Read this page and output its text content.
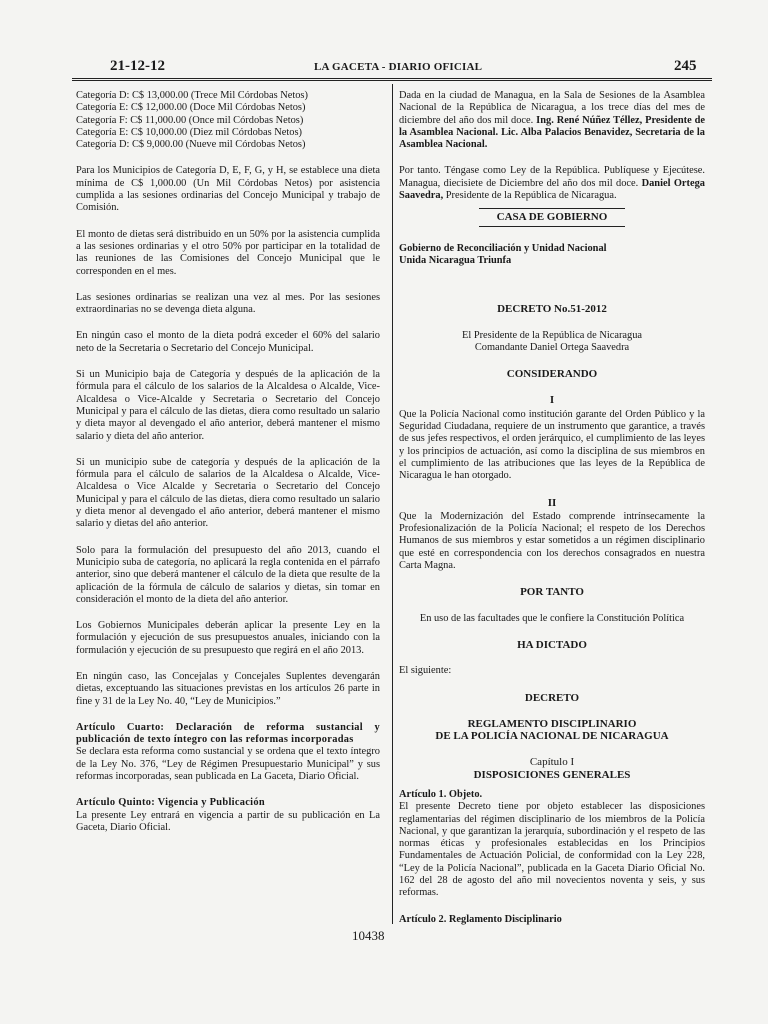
21-12-12	LA GACETA - DIARIO OFICIAL	245
Categoría D: C$ 13,000.00 (Trece Mil Córdobas Netos)
Categoría E: C$ 12,000.00 (Doce Mil Córdobas Netos)
Categoría F: C$ 11,000.00 (Once mil Córdobas Netos)
Categoría E: C$ 10,000.00 (Diez mil Córdobas Netos)
Categoría D: C$ 9,000.00 (Nueve mil Córdobas Netos)

Para los Municipios de Categoría D, E, F, G, y H, se establece una dieta mínima de C$ 1,000.00 (Un Mil Córdobas Netos) por asistencia cumplida a las sesiones ordinarias del Concejo Municipal y trabajo de Comisión.

El monto de dietas será distribuido en un 50% por la asistencia cumplida a las sesiones ordinarias y el otro 50% por participar en la totalidad de las reuniones de las Comisiones del Concejo Municipal que le corresponden en el mes.

Las sesiones ordinarias se realizan una vez al mes. Por las sesiones extraordinarias no se devenga dieta alguna.

En ningún caso el monto de la dieta podrá exceder el 60% del salario neto de la Secretaria o Secretario del Concejo Municipal.

Si un Municipio baja de Categoría y después de la aplicación de la fórmula para el cálculo de los salarios de la Alcaldesa o Alcalde, Vice-Alcaldesa o Vice-Alcalde y Secretaria o Secretario del Concejo Municipal y para el cálculo de las dietas, diera como resultado un salario y dieta mayor al devengado el año anterior, deberá mantener el mismo salario y dieta del año anterior.

Si un municipio sube de categoría y después de la aplicación de la fórmula para el cálculo de salarios de la Alcaldesa o Alcalde, Vice-Alcaldesa o Vice Alcalde y Secretaria o Secretario del Concejo Municipal y para el cálculo de las dietas, diera como resultado un salario y dieta menor al devengado el año anterior, deberá mantener el mismo salario y dietas del año anterior.

Solo para la formulación del presupuesto del año 2013, cuando el Municipio suba de categoría, no aplicará la regla contenida en el párrafo anterior, sino que deberá mantener el cálculo de la dieta que resulte de la aplicación de la fórmula de cálculo de salarios y dietas, sin tomar en consideración el monto de la dieta del año anterior.

Los Gobiernos Municipales deberán aplicar la presente Ley en la formulación y ejecución de sus presupuestos anuales, iniciando con la formulación y ejecución de su presupuesto que regirá en el año 2013.

En ningún caso, las Concejalas y Concejales Suplentes devengarán dietas, exceptuando las situaciones previstas en los artículos 26 parte in fine y 31 de la Ley No. 40, “Ley de Municipios.”

Artículo Cuarto: Declaración de reforma sustancial y publicación de texto íntegro con las reformas incorporadas

Se declara esta reforma como sustancial y se ordena que el texto íntegro de la Ley No. 376, “Ley de Régimen Presupuestario Municipal” y sus reformas incorporadas, sean publicada en La Gaceta, Diario Oficial.

Artículo Quinto: Vigencia y Publicación

La presente Ley entrará en vigencia a partir de su publicación en La Gaceta, Diario Oficial.

Dada en la ciudad de Managua, en la Sala de Sesiones de la Asamblea Nacional de la República de Nicaragua, a los trece días del mes de diciembre del año dos mil doce. Ing. René Núñez Téllez, Presidente de la Asamblea Nacional. Lic. Alba Palacios Benavidez, Secretaria de la Asamblea Nacional.

Por tanto. Téngase como Ley de la República. Publíquese y Ejecútese. Managua, diecisiete de Diciembre del año dos mil doce. Daniel Ortega Saavedra, Presidente de la República de Nicaragua.

CASA DE GOBIERNO

Gobierno de Reconciliación y Unidad Nacional
Unida Nicaragua Triunfa

DECRETO No.51-2012

El Presidente de la República de Nicaragua
Comandante Daniel Ortega Saavedra

CONSIDERANDO
I

Que la Policía Nacional como institución garante del Orden Público y la Seguridad Ciudadana, requiere de un instrumento que garantice, a través de sus jefes respectivos, el orden jerárquico, el cumplimiento de las leyes y los principios de actuación, así como la disciplina de sus miembros en el cumplimiento de las atribuciones que las leyes de la República de Nicaragua le han otorgado.

II

Que la Modernización del Estado comprende intrínsecamente la Profesionalización de la Policía Nacional; el respeto de los Derechos Humanos de sus miembros y estar sometidos a un régimen disciplinario que esté en correspondencia con los derechos consagrados en nuestra Carta Magna.

POR TANTO

En uso de las facultades que le confiere la Constitución Política

HA DICTADO

El siguiente:

DECRETO

REGLAMENTO DISCIPLINARIO
DE LA POLICÍA NACIONAL DE NICARAGUA

Capítulo I
DISPOSICIONES GENERALES

Artículo 1. Objeto.

El presente Decreto tiene por objeto establecer las disposiciones reglamentarias del régimen disciplinario de los miembros de la Policía Nacional, y que garantizan la jerarquía, subordinación y el respeto de las normas éticas y profesionales establecidas en los Principios Fundamentales de Actuación Policial, de conformidad con la Ley 228, “Ley de la Policía Nacional”, publicada en la Gaceta Diario Oficial No. 162 del 28 de agosto del año mil novecientos noventa y seis, y sus reformas.

Artículo 2. Reglamento Disciplinario

10438
